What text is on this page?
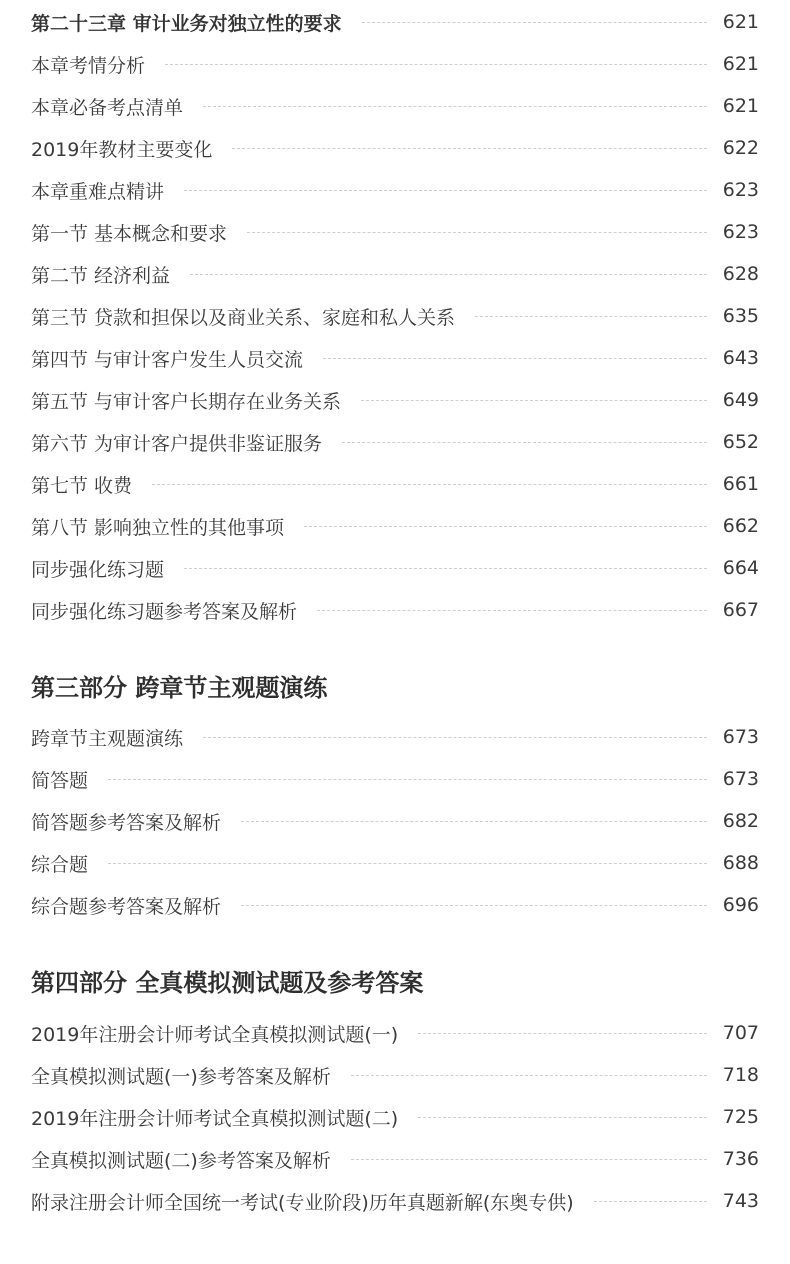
第二十三章 审计业务对独立性的要求	621
本章考情分析	621
本章必备考点清单	621
2019年教材主要变化	622
本章重难点精讲	623
第一节 基本概念和要求	623
第二节 经济利益	628
第三节 贷款和担保以及商业关系、家庭和私人关系	635
第四节 与审计客户发生人员交流	643
第五节 与审计客户长期存在业务关系	649
第六节 为审计客户提供非鉴证服务	652
第七节 收费	661
第八节 影响独立性的其他事项	662
同步强化练习题	664
同步强化练习题参考答案及解析	667
第三部分 跨章节主观题演练
跨章节主观题演练	673
简答题	673
简答题参考答案及解析	682
综合题	688
综合题参考答案及解析	696
第四部分 全真模拟测试题及参考答案
2019年注册会计师考试全真模拟测试题(一)	707
全真模拟测试题(一)参考答案及解析	718
2019年注册会计师考试全真模拟测试题(二)	725
全真模拟测试题(二)参考答案及解析	736
附录注册会计师全国统一考试(专业阶段)历年真题新解(东奥专供)	743
